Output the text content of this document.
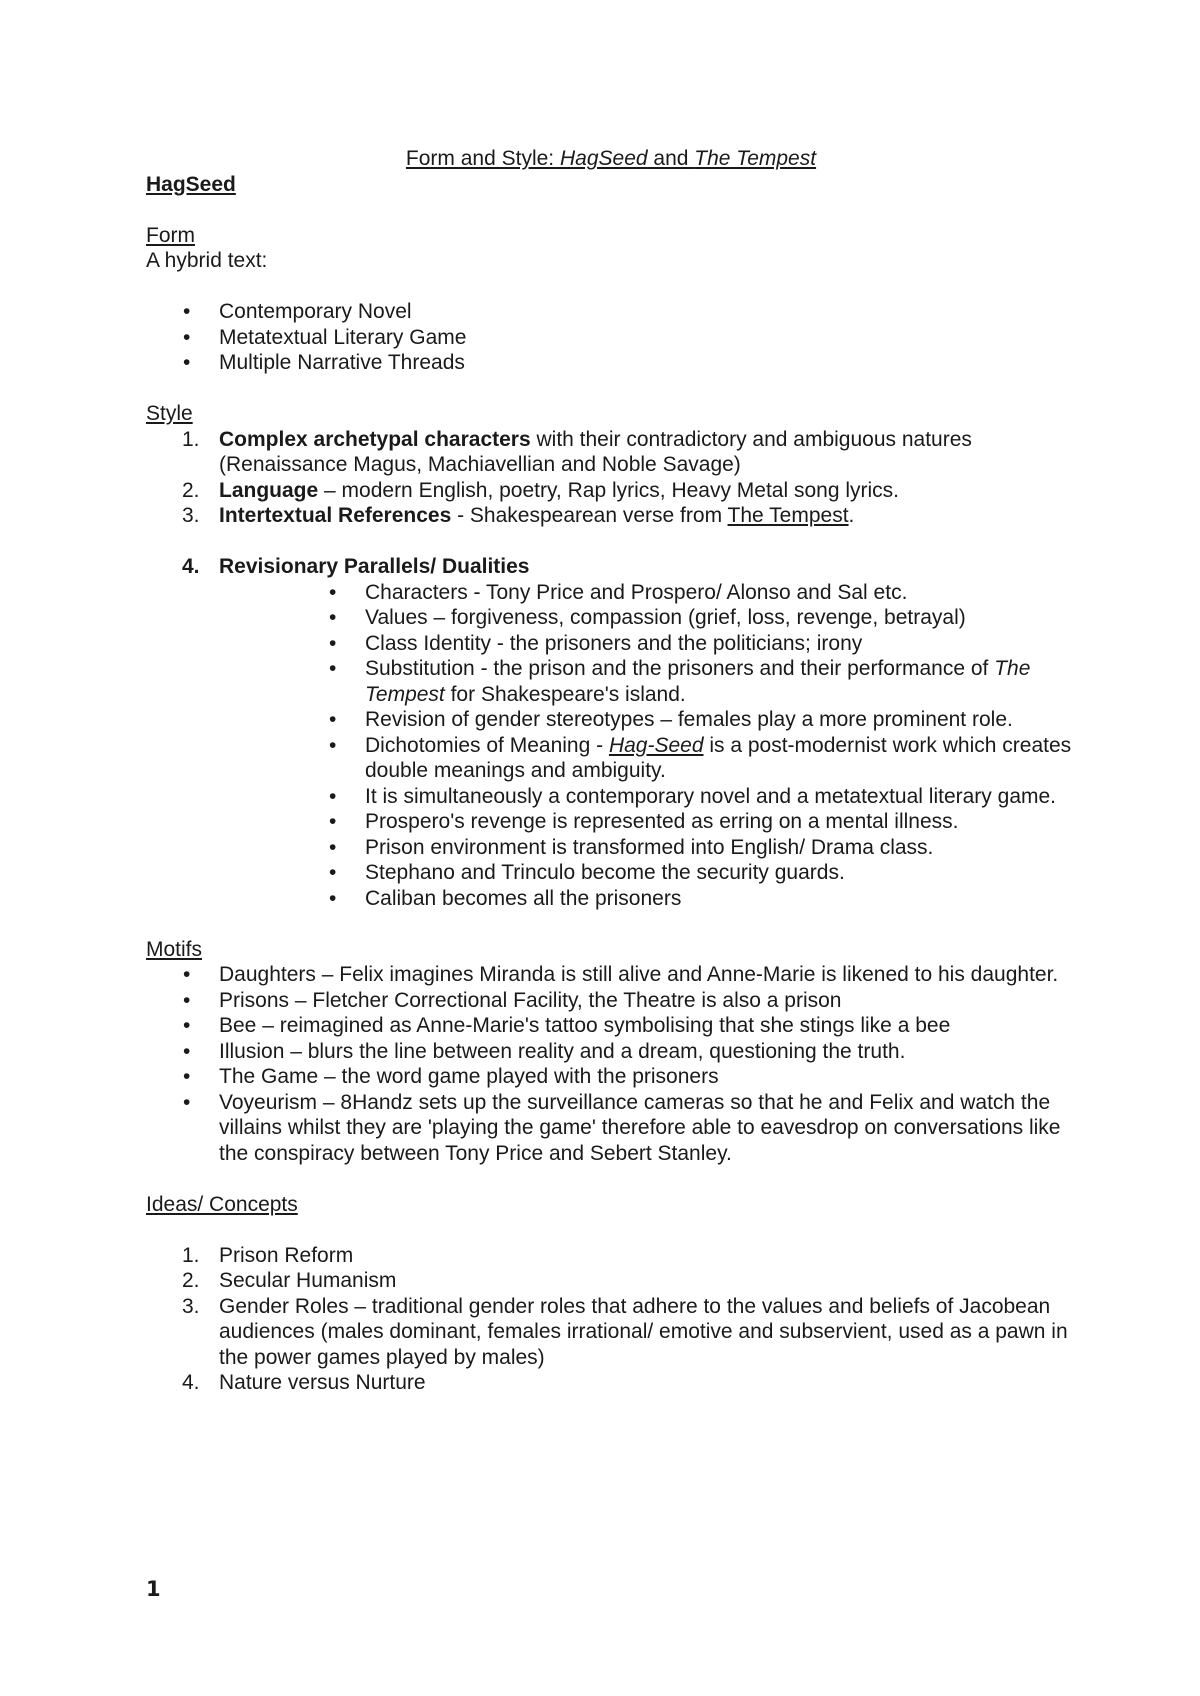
Form and Style: HagSeed and The Tempest

HagSeed

Form

A hybrid text:

• Contemporary Novel
• Metatextual Literary Game
• Multiple Narrative Threads

Style

1. Complex archetypal characters with their contradictory and ambiguous natures (Renaissance Magus, Machiavellian and Noble Savage)
2. Language – modern English, poetry, Rap lyrics, Heavy Metal song lyrics.
3. Intertextual References - Shakespearean verse from The Tempest.
4. Revisionary Parallels/ Dualities
• Characters - Tony Price and Prospero/ Alonso and Sal etc.
• Values – forgiveness, compassion (grief, loss, revenge, betrayal)
• Class Identity - the prisoners and the politicians; irony
• Substitution - the prison and the prisoners and their performance of The Tempest for Shakespeare's island.
• Revision of gender stereotypes – females play a more prominent role.
• Dichotomies of Meaning - Hag-Seed is a post-modernist work which creates double meanings and ambiguity.
• It is simultaneously a contemporary novel and a metatextual literary game.
• Prospero's revenge is represented as erring on a mental illness.
• Prison environment is transformed into English/ Drama class.
• Stephano and Trinculo become the security guards.
• Caliban becomes all the prisoners

Motifs

• Daughters – Felix imagines Miranda is still alive and Anne-Marie is likened to his daughter.
• Prisons – Fletcher Correctional Facility, the Theatre is also a prison
• Bee – reimagined as Anne-Marie's tattoo symbolising that she stings like a bee
• Illusion – blurs the line between reality and a dream, questioning the truth.
• The Game – the word game played with the prisoners
• Voyeurism – 8Handz sets up the surveillance cameras so that he and Felix and watch the villains whilst they are 'playing the game' therefore able to eavesdrop on conversations like the conspiracy between Tony Price and Sebert Stanley.

Ideas/ Concepts

1. Prison Reform
2. Secular Humanism
3. Gender Roles – traditional gender roles that adhere to the values and beliefs of Jacobean audiences (males dominant, females irrational/ emotive and subservient, used as a pawn in the power games played by males)
4. Nature versus Nurture
1
